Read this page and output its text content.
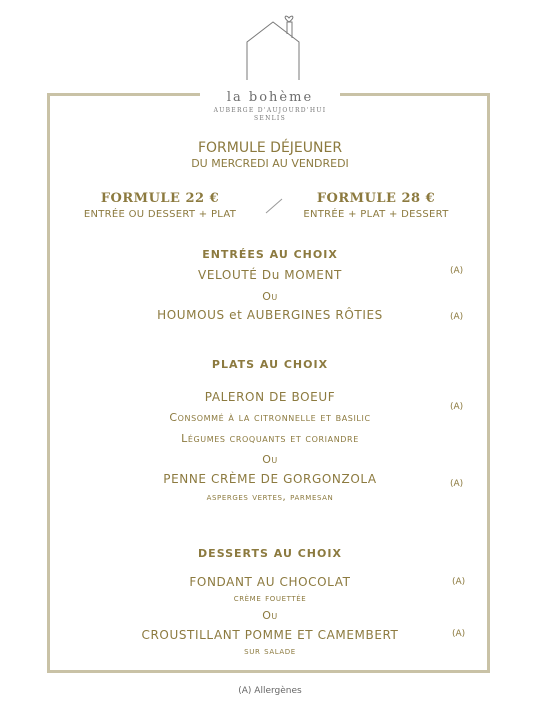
la bohème
AUBERGE D'AUJOURD'HUI
SENLIS
FORMULE DÉJEUNER
DU MERCREDI AU VENDREDI
FORMULE 22 €
ENTRÉE OU DESSERT + PLAT
FORMULE 28 €
ENTRÉE + PLAT + DESSERT
ENTRÉES AU CHOIX
VELOUTÉ Du MOMENT	(A)
Ou
HOUMOUS et AUBERGINES RÔTIES	(A)
PLATS AU CHOIX
PALERON DE BOEUF
(A)
Consommé à la citronnelle et basilic
Légumes croquants et coriandre
Ou
PENNE CRÈME DE GORGONZOLA	(A)
asperges vertes, parmesan
DESSERTS AU CHOIX
FONDANT AU CHOCOLAT	(A)
crème fouettée
Ou
CROUSTILLANT POMME ET CAMEMBERT	(A)
sur salade
(A) Allergènes
